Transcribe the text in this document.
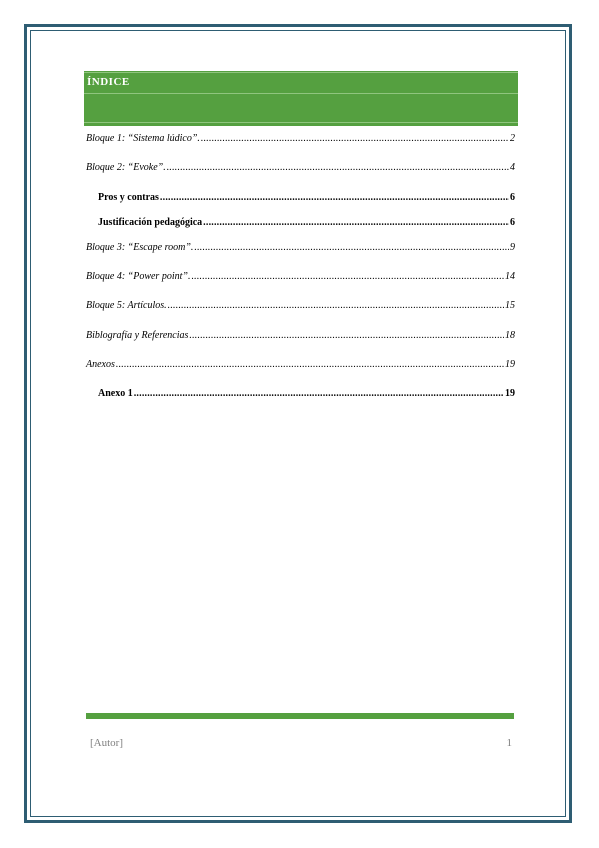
ÍNDICE
Bloque 1: “Sistema lúdico”. .....	2
Bloque 2: “Evoke”. .....	4
Pros y contras .....	6
Justificación pedagógica .....	6
Bloque 3: “Escape room”. .....	9
Bloque 4: “Power point”. .....	14
Bloque 5: Artículos. .....	15
Biblografía y Referencias .....	18
Anexos .....	19
Anexo 1 .....	19
[Autor]	1
